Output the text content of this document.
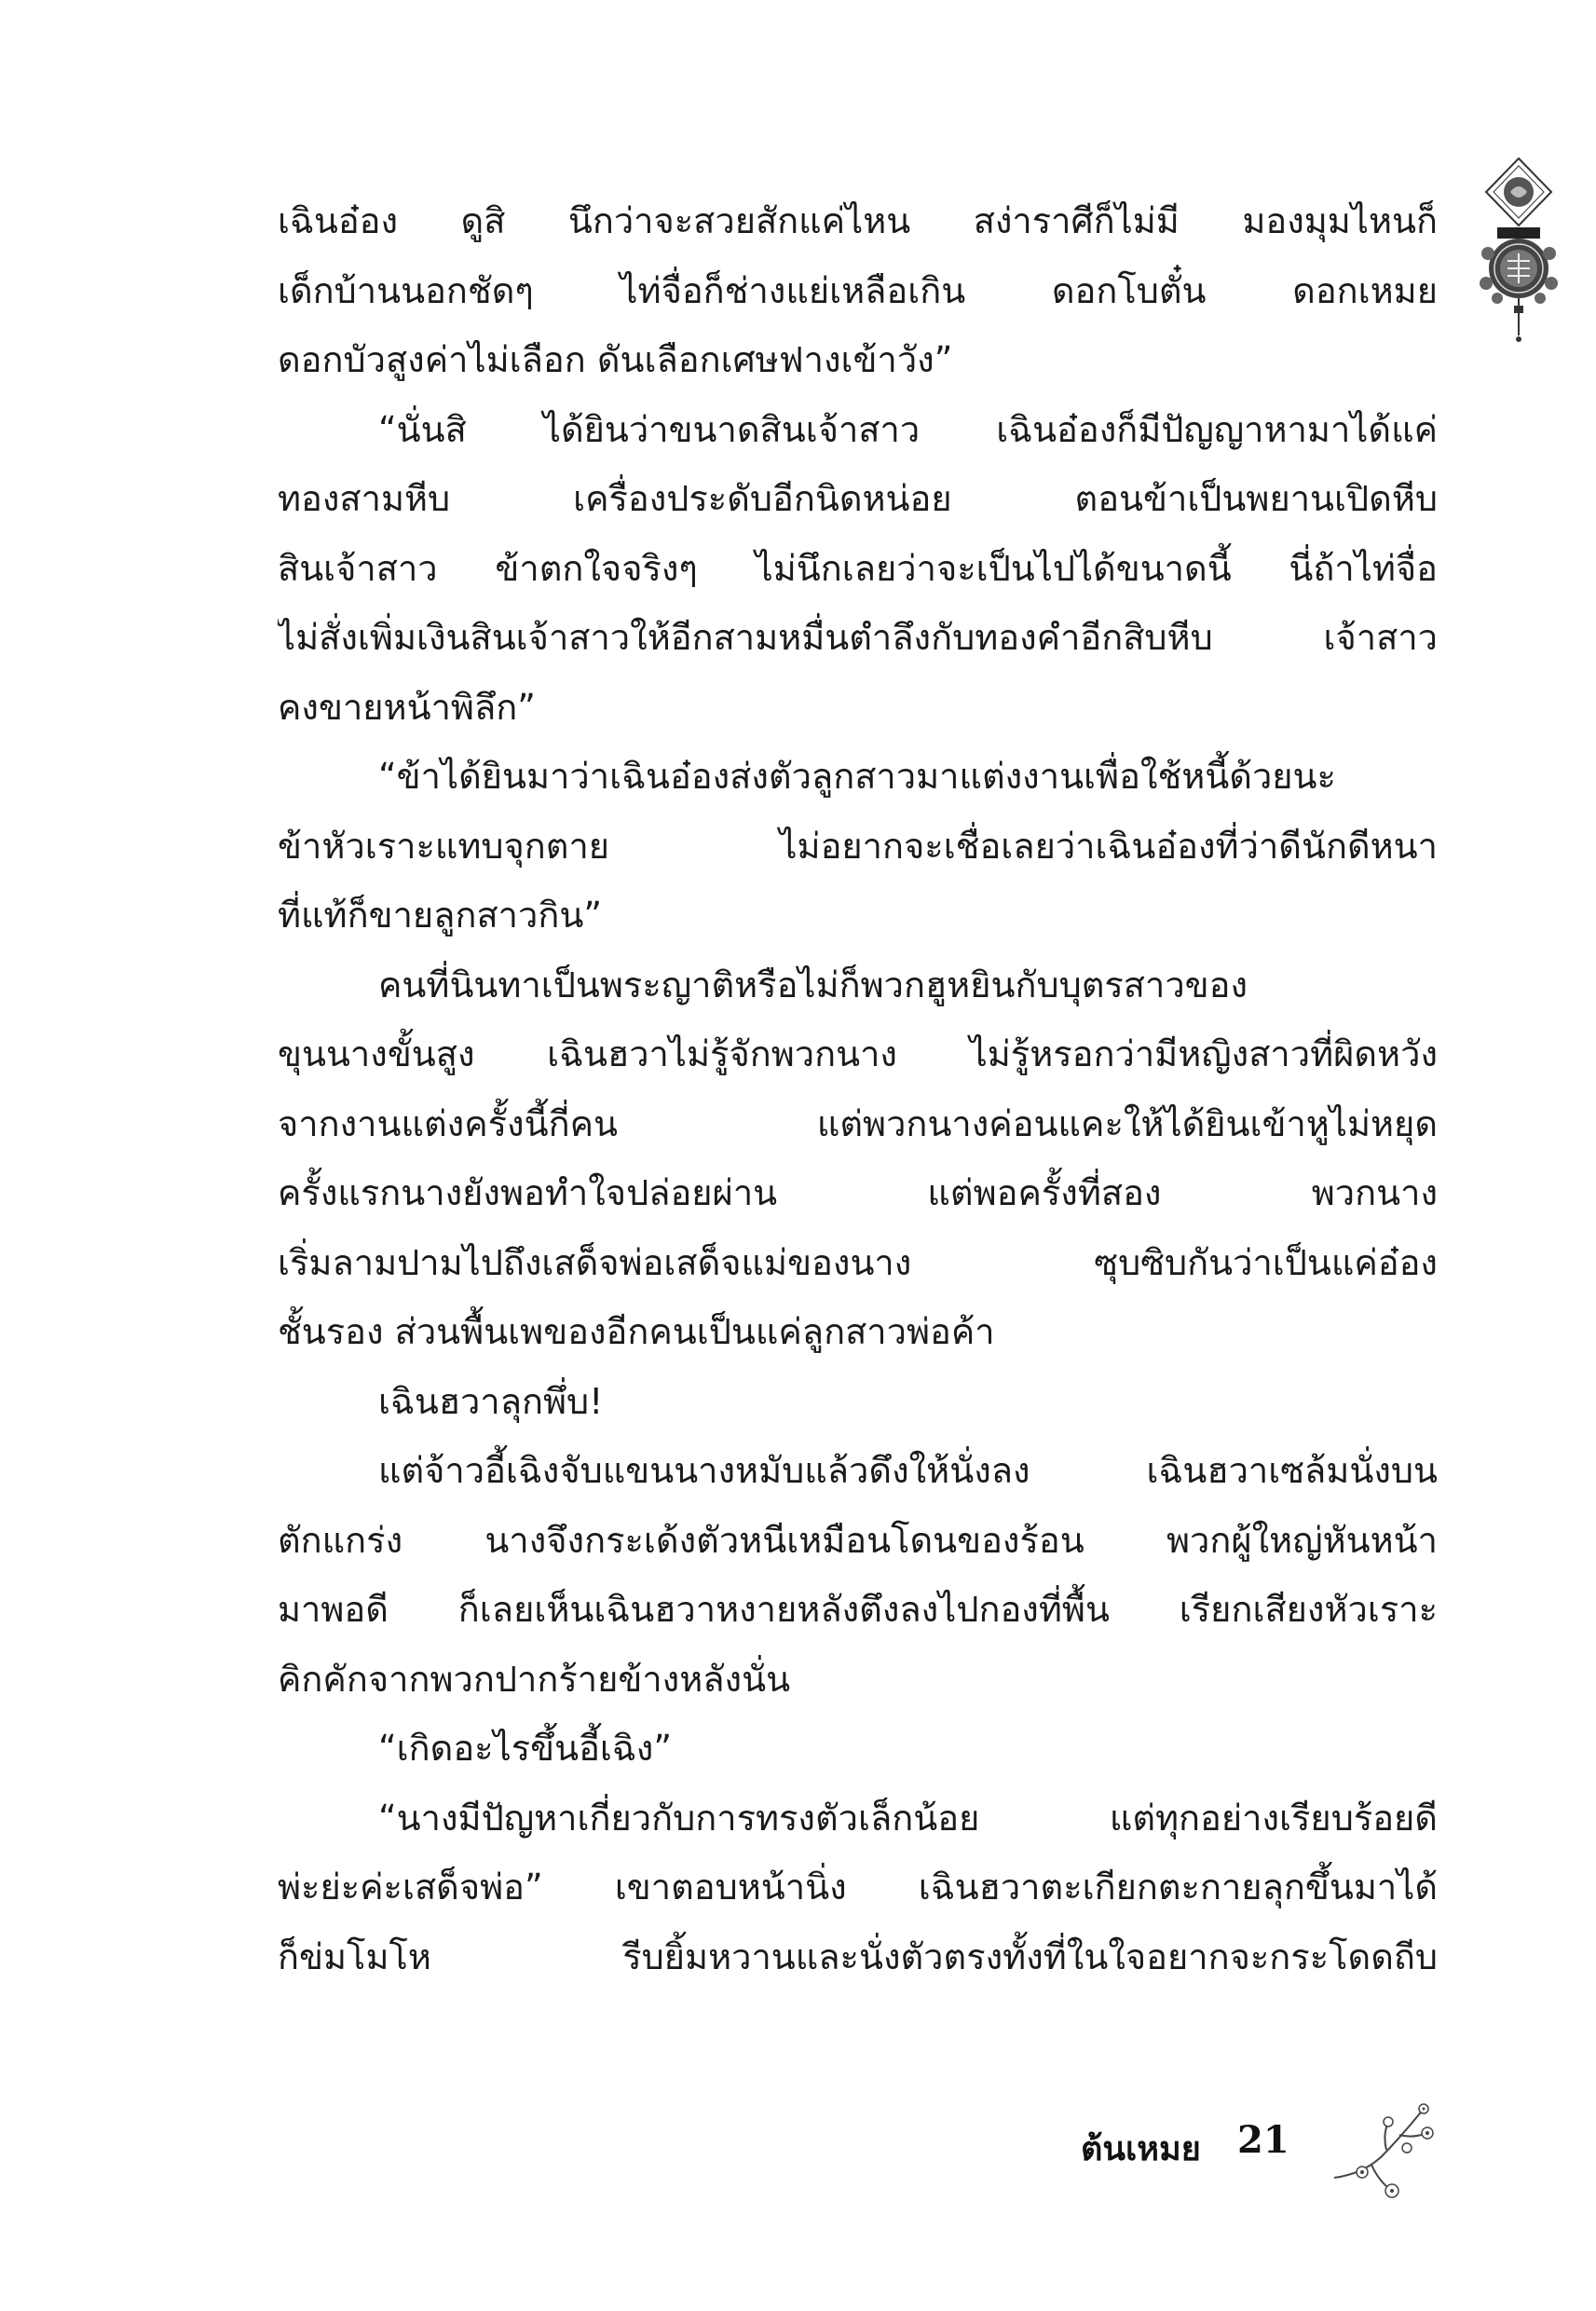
เฉินอ๋อง ดูสิ นึกว่าจะสวยสักแค่ไหน สง่าราศีก็ไม่มี มองมุมไหนก็
เด็กบ้านนอกชัดๆ ไท่จื่อก็ช่างแย่เหลือเกิน ดอกโบตั๋น ดอกเหมย
ดอกบัวสูงค่าไม่เลือก ดันเลือกเศษฟางเข้าวัง”
“นั่นสิ ได้ยินว่าขนาดสินเจ้าสาว เฉินอ๋องก็มีปัญญาหามาได้แค่
ทองสามหีบ เครื่องประดับอีกนิดหน่อย ตอนข้าเป็นพยานเปิดหีบ
สินเจ้าสาว ข้าตกใจจริงๆ ไม่นึกเลยว่าจะเป็นไปได้ขนาดนี้ นี่ถ้าไท่จื่อ
ไม่สั่งเพิ่มเงินสินเจ้าสาวให้อีกสามหมื่นตำลึงกับทองคำอีกสิบหีบ เจ้าสาว
คงขายหน้าพิลึก”
“ข้าได้ยินมาว่าเฉินอ๋องส่งตัวลูกสาวมาแต่งงานเพื่อใช้หนี้ด้วยนะ
ข้าหัวเราะแทบจุกตาย ไม่อยากจะเชื่อเลยว่าเฉินอ๋องที่ว่าดีนักดีหนา
ที่แท้ก็ขายลูกสาวกิน”
คนที่นินทาเป็นพระญาติหรือไม่ก็พวกฮูหยินกับบุตรสาวของ
ขุนนางขั้นสูง เฉินฮวาไม่รู้จักพวกนาง ไม่รู้หรอกว่ามีหญิงสาวที่ผิดหวัง
จากงานแต่งครั้งนี้กี่คน แต่พวกนางค่อนแคะให้ได้ยินเข้าหูไม่หยุด
ครั้งแรกนางยังพอทำใจปล่อยผ่าน แต่พอครั้งที่สอง พวกนาง
เริ่มลามปามไปถึงเสด็จพ่อเสด็จแม่ของนาง ซุบซิบกันว่าเป็นแค่อ๋อง
ชั้นรอง ส่วนพื้นเพของอีกคนเป็นแค่ลูกสาวพ่อค้า
เฉินฮวาลุกพึ่บ!
แต่จ้าวอี้เฉิงจับแขนนางหมับแล้วดึงให้นั่งลง เฉินฮวาเซล้มนั่งบน
ตักแกร่ง นางจึงกระเด้งตัวหนีเหมือนโดนของร้อน พวกผู้ใหญ่หันหน้า
มาพอดี ก็เลยเห็นเฉินฮวาหงายหลังตึงลงไปกองที่พื้น เรียกเสียงหัวเราะ
คิกคักจากพวกปากร้ายข้างหลังนั่น
“เกิดอะไรขึ้นอี้เฉิง”
“นางมีปัญหาเกี่ยวกับการทรงตัวเล็กน้อย แต่ทุกอย่างเรียบร้อยดี
พ่ะย่ะค่ะเสด็จพ่อ” เขาตอบหน้านิ่ง เฉินฮวาตะเกียกตะกายลุกขึ้นมาได้
ก็ข่มโมโห รีบยิ้มหวานและนั่งตัวตรงทั้งที่ในใจอยากจะกระโดดถีบ
ต้นเหมย 21
